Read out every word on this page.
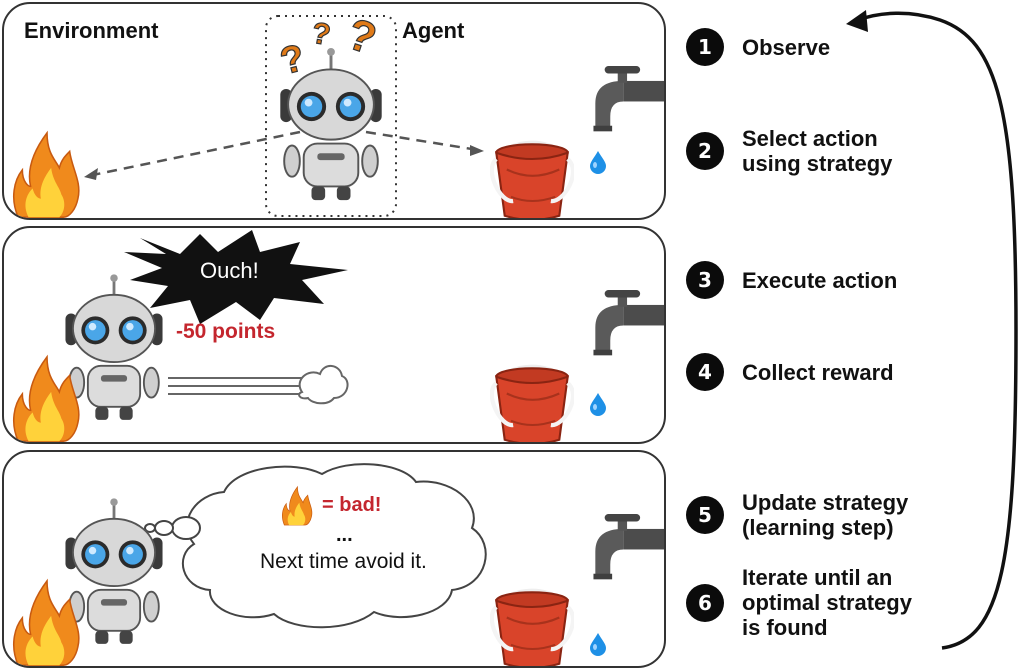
?
? ?
Environment	Agent
Ouch!
-50 points
= bad!
...
Next time avoid it.
1	Observe
2	Select action
using strategy
3	Execute action
4	Collect reward
5	Update strategy
(learning step)
6
Iterate until an
optimal strategy
is found
